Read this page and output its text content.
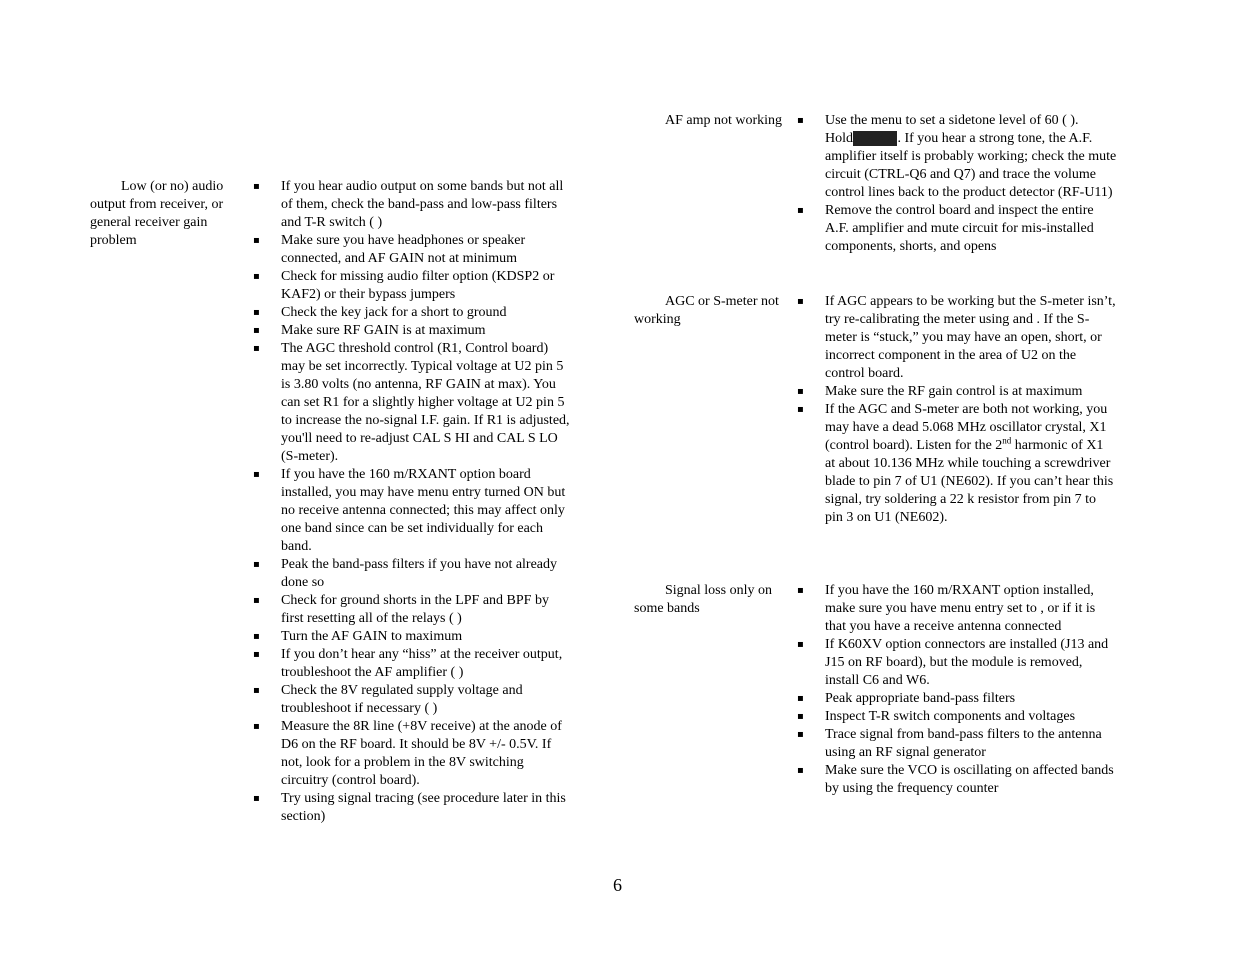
Low (or no) audio output from receiver, or general receiver gain problem
▪ If you hear audio output on some bands but not all of them, check the band-pass and low-pass filters and T-R switch ( )
▪ Make sure you have headphones or speaker connected, and AF GAIN not at minimum
▪ Check for missing audio filter option (KDSP2 or KAF2) or their bypass jumpers
▪ Check the key jack for a short to ground
▪ Make sure RF GAIN is at maximum
▪ The AGC threshold control (R1, Control board) may be set incorrectly. Typical voltage at U2 pin 5 is 3.80 volts (no antenna, RF GAIN at max). You can set R1 for a slightly higher voltage at U2 pin 5 to increase the no-signal I.F. gain. If R1 is adjusted, you'll need to re-adjust CAL S HI and CAL S LO (S-meter).
▪ If you have the 160 m/RXANT option board installed, you may have menu entry turned ON but no receive antenna connected; this may affect only one band since can be set individually for each band.
▪ Peak the band-pass filters if you have not already done so
▪ Check for ground shorts in the LPF and BPF by first resetting all of the relays ( )
▪ Turn the AF GAIN to maximum
▪ If you don’t hear any “hiss” at the receiver output, troubleshoot the AF amplifier ( )
▪ Check the 8V regulated supply voltage and troubleshoot if necessary ( )
▪ Measure the 8R line (+8V receive) at the anode of D6 on the RF board. It should be 8V +/- 0.5V. If not, look for a problem in the 8V switching circuitry (control board).
▪ Try using signal tracing (see procedure later in this section)
AF amp not working
▪	Use the menu to set a sidetone level of 60 ( ). Hold XXXX . If you hear a strong tone, the A.F. amplifier itself is probably working; check the mute circuit (CTRL-Q6 and Q7) and trace the volume control lines back to the product detector (RF-U11)
▪ Remove the control board and inspect the entire A.F. amplifier and mute circuit for mis-installed components, shorts, and opens
AGC or S-meter not working
▪ If AGC appears to be working but the S-meter isn’t, try re-calibrating the meter using and . If the S-meter is “stuck,” you may have an open, short, or incorrect component in the area of U2 on the control board.
▪ Make sure the RF gain control is at maximum
▪ If the AGC and S-meter are both not working, you may have a dead 5.068 MHz oscillator crystal, X1 (control board). Listen for the 2nd harmonic of X1 at about 10.136 MHz while touching a screwdriver blade to pin 7 of U1 (NE602). If you can’t hear this signal, try soldering a 22 k resistor from pin 7 to pin 3 on U1 (NE602).
Signal loss only on some bands
▪ If you have the 160 m/RXANT option installed, make sure you have menu entry set to , or if it is that you have a receive antenna connected
▪ If K60XV option connectors are installed (J13 and J15 on RF board), but the module is removed, install C6 and W6.
▪ Peak appropriate band-pass filters
▪ Inspect T-R switch components and voltages
▪ Trace signal from band-pass filters to the antenna using an RF signal generator
▪ Make sure the VCO is oscillating on affected bands by using the frequency counter
6
